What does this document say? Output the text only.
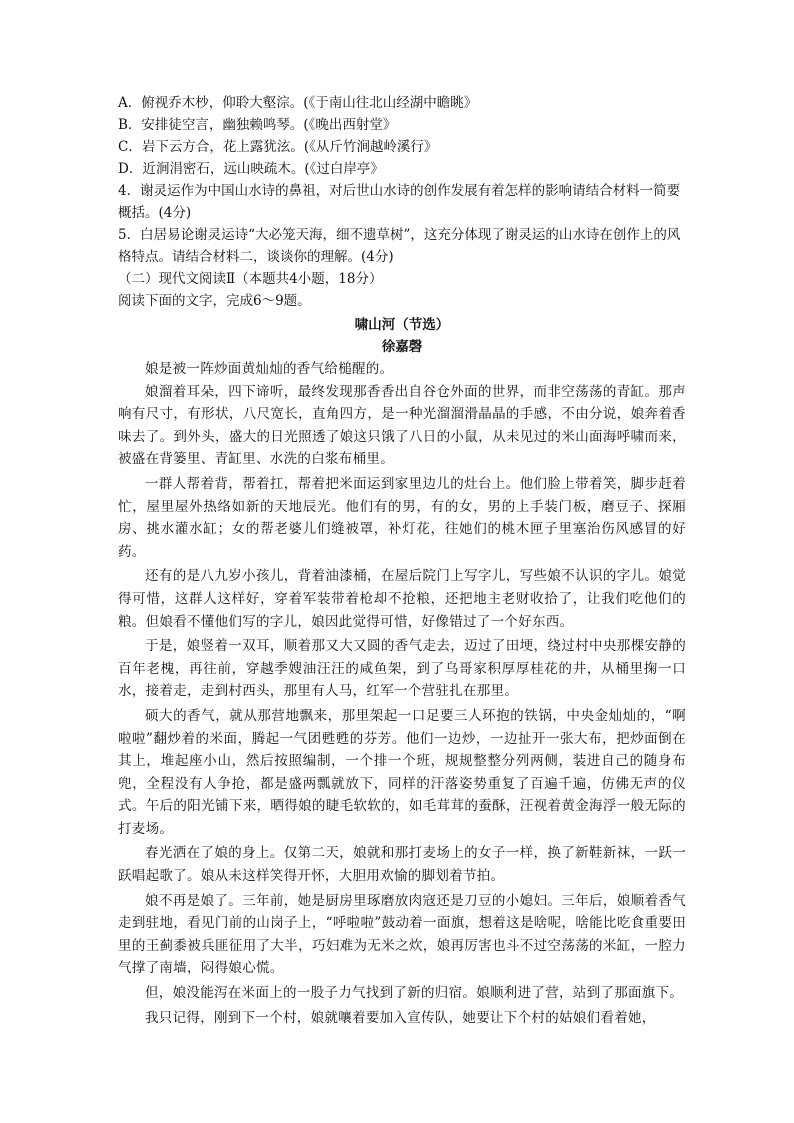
A．俯视乔木杪，仰聆大壑淙。(《于南山往北山经湖中瞻眺》
B．安排徒空言，幽独赖鸣琴。(《晚出西射堂》
C．岩下云方合，花上露犹泫。(《从斤竹涧越岭溪行》
D．近涧涓密石，远山映疏木。(《过白岸亭》
4．谢灵运作为中国山水诗的鼻祖，对后世山水诗的创作发展有着怎样的影响请结合材料一简要概括。(4分)
5．白居易论谢灵运诗“大必笼天海，细不遗草树”，这充分体现了谢灵运的山水诗在创作上的风格特点。请结合材料二，谈谈你的理解。(4分)
（二）现代文阅读Ⅱ（本题共4小题，18分）
阅读下面的文字，完成6～9题。
啸山河（节选）
徐嘉磬

娘是被一阵炒面黄灿灿的香气给槌醒的。

娘溜着耳朵，四下谛听，最终发现那香香出自谷仓外面的世界，而非空荡荡的青缸。那声响有尺寸，有形状，八尺宽长，直角四方，是一种光溜溜滑晶晶的手感，不由分说，娘奔着香味去了。到外头，盛大的日光照透了娘这只饿了八日的小鼠，从未见过的米山面海呼啸而来，被盛在背篓里、青缸里、水洗的白浆布桶里。

一群人帮着背，帮着扛，帮着把米面运到家里边儿的灶台上。他们脸上带着笑，脚步赶着忙，屋里屋外热络如新的天地辰光。他们有的男，有的女，男的上手装门板，磨豆子、探厢房、挑水灌水缸；女的帮老婆儿们缝被罩，补灯花，往她们的桃木匣子里塞治伤风感冒的好药。

还有的是八九岁小孩儿，背着油漆桶，在屋后院门上写字儿，写些娘不认识的字儿。娘觉得可惜，这群人这样好，穿着军装带着枪却不抢粮，还把地主老财收拾了，让我们吃他们的粮。但娘看不懂他们写的字儿，娘因此觉得可惜，好像错过了一个好东西。

于是，娘竖着一双耳，顺着那又大又圆的香气走去，迈过了田埂，绕过村中央那棵安静的百年老槐，再往前，穿越季嫂油汪汪的咸鱼架，到了乌哥家积厚厚桂花的井，从桶里掬一口水，接着走，走到村西头，那里有人马，红军一个营驻扎在那里。

硕大的香气，就从那营地飘来，那里架起一口足要三人环抱的铁锅，中央金灿灿的，“啊啦啦”翻炒着的米面，腾起一气团甦甦的芬芳。他们一边炒，一边扯开一张大布，把炒面倒在其上，堆起座小山，然后按照编制，一个排一个班，规规整整分列两侧，装进自己的随身布兜，全程没有人争抢，都是盛两瓢就放下，同样的汗落姿势重复了百遍千遍，仿佛无声的仪式。午后的阳光铺下来，晒得娘的睫毛软软的，如毛茸茸的蚕酥，汪视着黄金海浮一般无际的打麦场。

春光洒在了娘的身上。仅第二天，娘就和那打麦场上的女子一样，换了新鞋新袜，一跃一跃唱起歌了。娘从未这样笑得开怀，大胆用欢愉的脚划着节拍。

娘不再是娘了。三年前，她是厨房里琢磨放肉寇还是刀豆的小媳妇。三年后，娘顺着香气走到驻地，看见门前的山岗子上，“呼啦啦”鼓动着一面旗，想着这是啥呢，啥能比吃食重要田里的王蓟黍被兵匪征用了大半，巧妇难为无米之炊，娘再厉害也斗不过空荡荡的米缸，一腔力气撑了南墙，闷得娘心慌。

但，娘没能泻在米面上的一股子力气找到了新的归宿。娘顺利进了营，站到了那面旗下。

我只记得，刚到下一个村，娘就嚷着要加入宣传队，她要让下个村的姑娘们看着她，
